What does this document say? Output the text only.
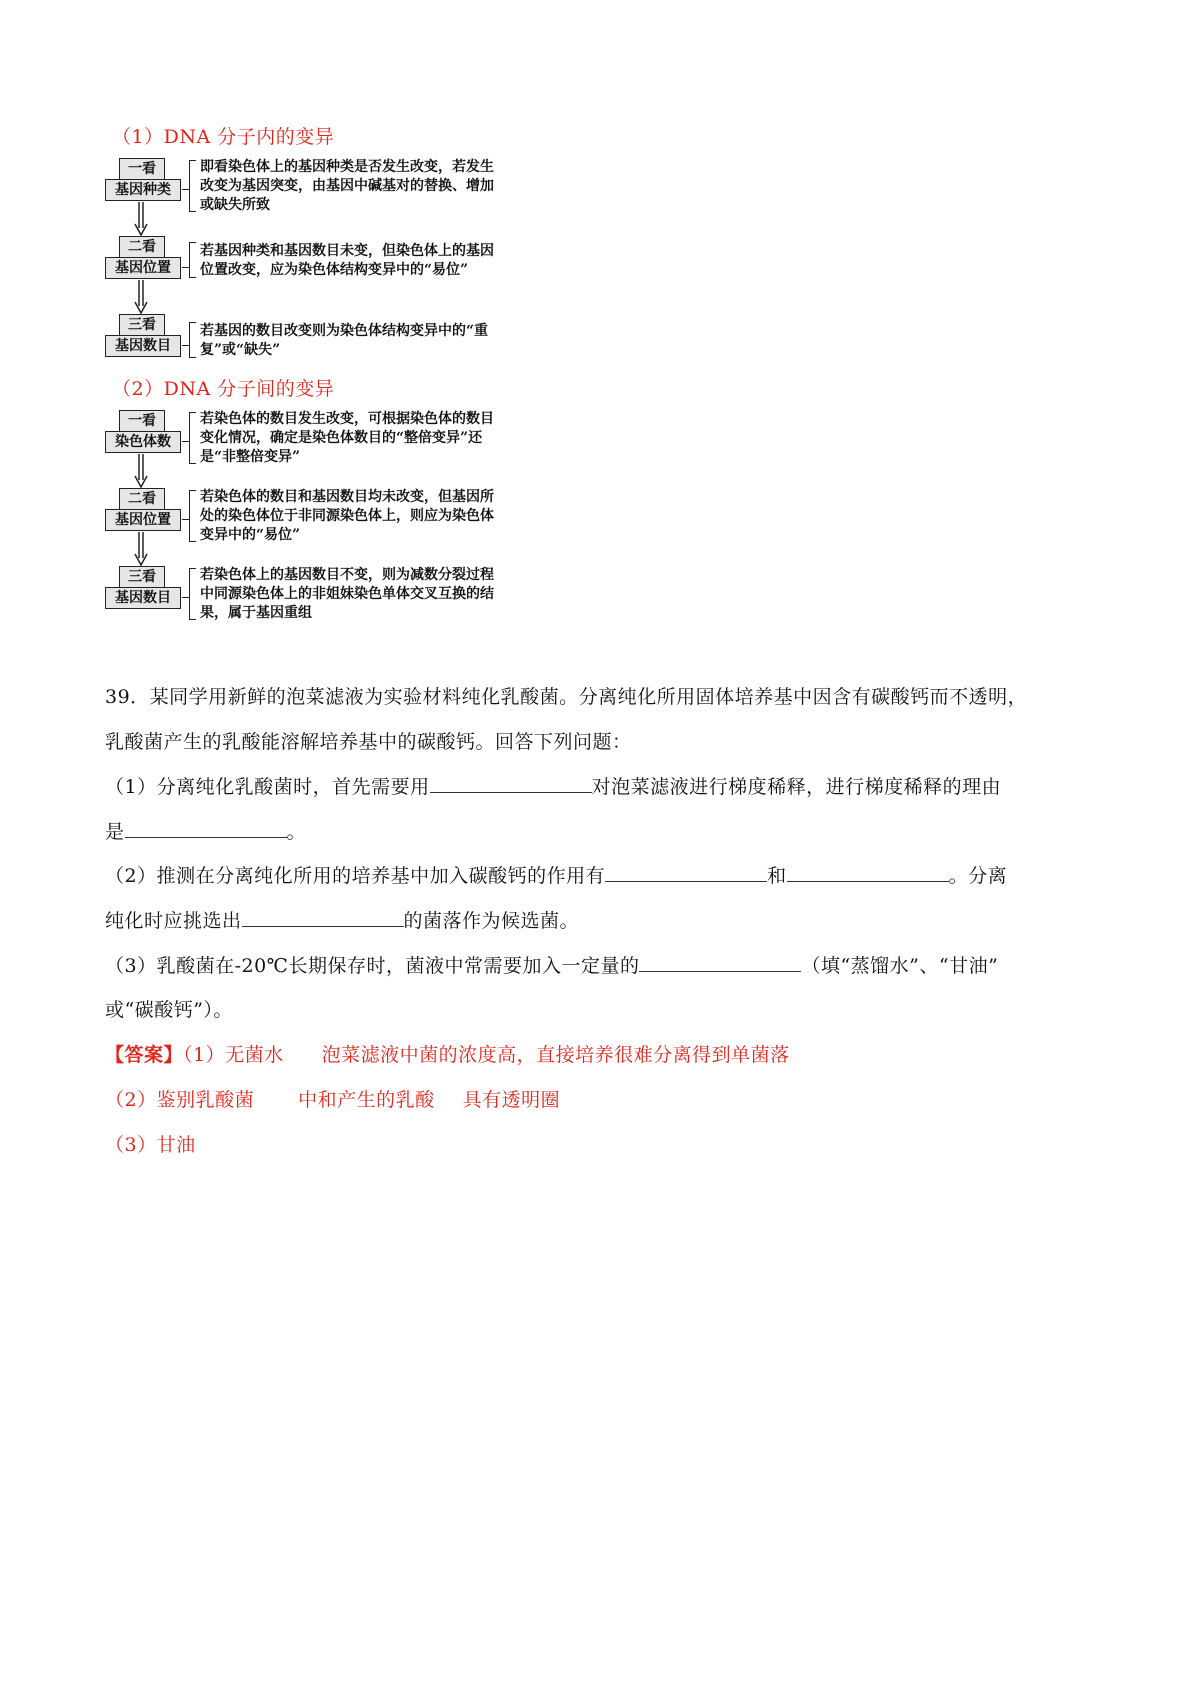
（1）DNA 分子内的变异
一看
基因种类
即看染色体上的基因种类是否发生改变，若发生
改变为基因突变，由基因中碱基对的替换、增加
或缺失所致
二看
基因位置
若基因种类和基因数目未变，但染色体上的基因
位置改变，应为染色体结构变异中的“易位”
三看
基因数目
若基因的数目改变则为染色体结构变异中的“重
复”或“缺失”
（2）DNA 分子间的变异
一看
染色体数
若染色体的数目发生改变，可根据染色体的数目
变化情况，确定是染色体数目的“整倍变异”还
是“非整倍变异”
二看
基因位置
若染色体的数目和基因数目均未改变，但基因所
处的染色体位于非同源染色体上，则应为染色体
变异中的“易位”
三看
基因数目
若染色体上的基因数目不变，则为减数分裂过程
中同源染色体上的非姐妹染色单体交叉互换的结
果，属于基因重组
39．某同学用新鲜的泡菜滤液为实验材料纯化乳酸菌。分离纯化所用固体培养基中因含有碳酸钙而不透明，
乳酸菌产生的乳酸能溶解培养基中的碳酸钙。回答下列问题：
（1）分离纯化乳酸菌时，首先需要用	对泡菜滤液进行梯度稀释，进行梯度稀释的理由
是	。
（2）推测在分离纯化所用的培养基中加入碳酸钙的作用有	和	。分离
纯化时应挑选出	的菌落作为候选菌。
（3）乳酸菌在-20℃长期保存时，菌液中常需要加入一定量的	（填“蒸馏水”、“甘油”
或“碳酸钙”）。
【答案】（1）无菌水 泡菜滤液中菌的浓度高，直接培养很难分离得到单菌落
（2）鉴别乳酸菌 中和产生的乳酸 具有透明圈
（3）甘油
